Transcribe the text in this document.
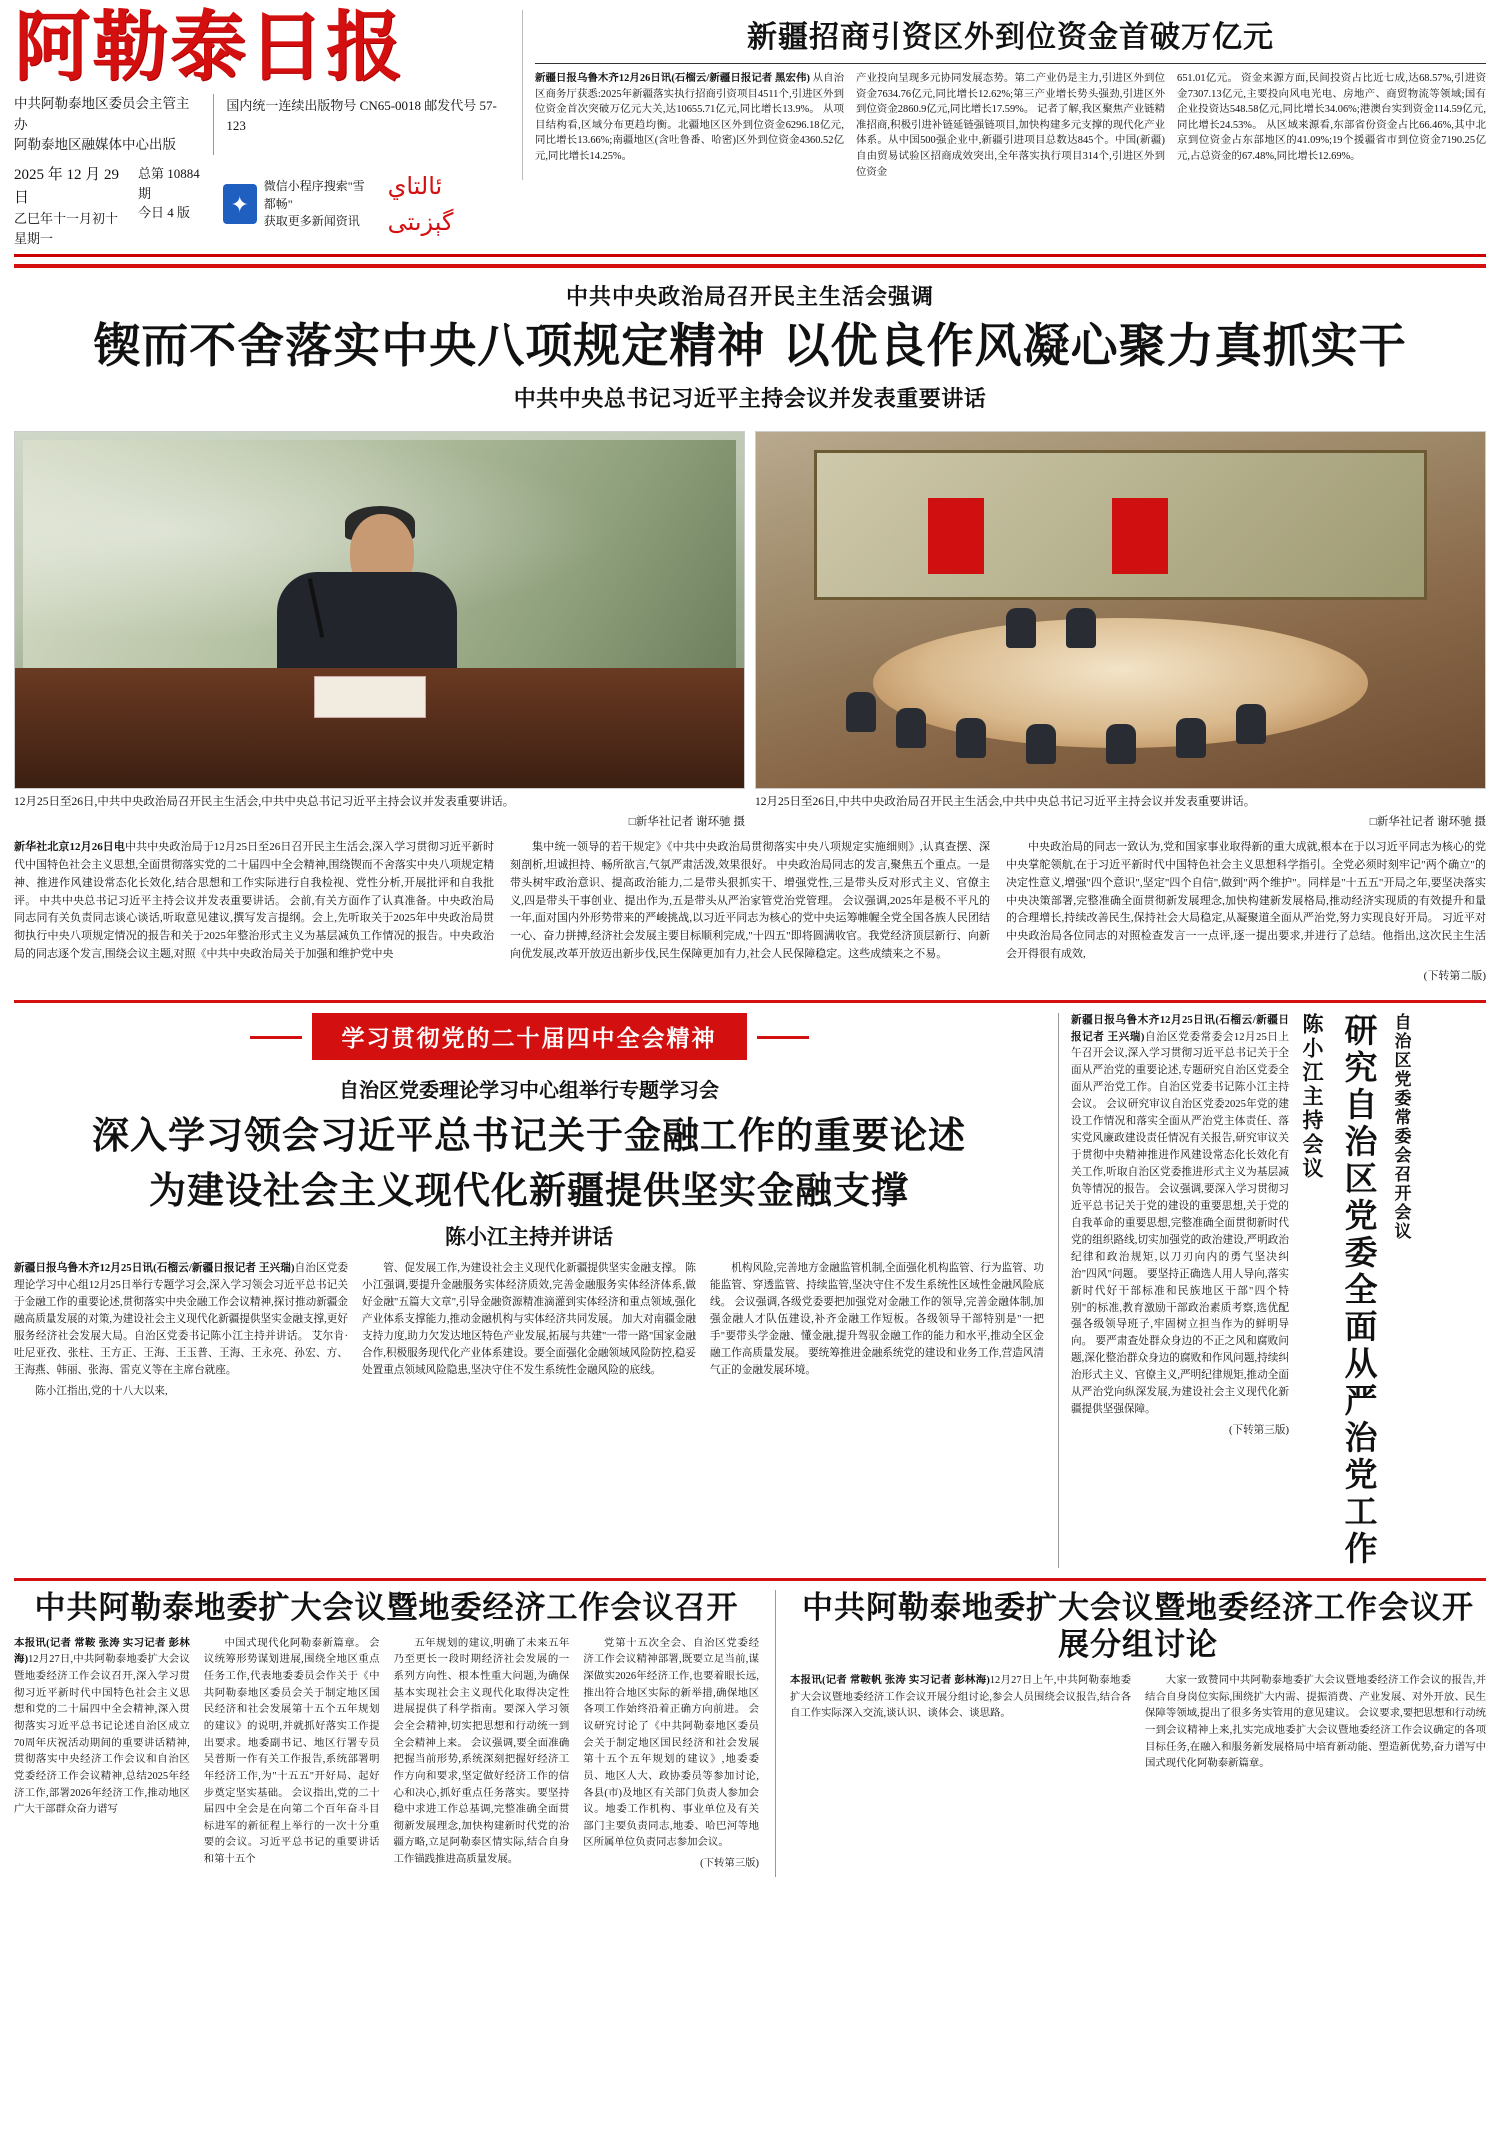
阿勒泰日报
中共阿勒泰地区委员会主管主办
阿勒泰地区融媒体中心出版
国内统一连续出版物号 CN65-0018 邮发代号 57-123
2025 年 12 月 29 日
乙巳年十一月初十
星期一
总第 10884 期
今日 4 版	✦
微信小程序搜索"雪都畅"
获取更多新闻资讯
ئالتاي گېزىتى
新疆招商引资区外到位资金首破万亿元
新疆日报乌鲁木齐12月26日讯(石榴云/新疆日报记者 黑宏伟) 从自治区商务厅获悉:2025年新疆落实执行招商引资项目4511个,引进区外到位资金首次突破万亿元大关,达10655.71亿元,同比增长13.9%。 从项目结构看,区域分布更趋均衡。北疆地区区外到位资金6296.18亿元,同比增长13.66%;南疆地区(含吐鲁番、哈密)区外到位资金4360.52亿元,同比增长14.25%。
产业投向呈现多元协同发展态势。第二产业仍是主力,引进区外到位资金7634.76亿元,同比增长12.62%;第三产业增长势头强劲,引进区外到位资金2860.9亿元,同比增长17.59%。 记者了解,我区聚焦产业链精准招商,积极引进补链延链强链项目,加快构建多元支撑的现代化产业体系。从中国500强企业中,新疆引进项目总数达845个。中国(新疆)自由贸易试验区招商成效突出,全年落实执行项目314个,引进区外到位资金
651.01亿元。 资金来源方面,民间投资占比近七成,达68.57%,引进资金7307.13亿元,主要投向风电光电、房地产、商贸物流等领域;国有企业投资达548.58亿元,同比增长34.06%;港澳台实到资金114.59亿元,同比增长24.53%。 从区域来源看,东部省份资金占比66.46%,其中北京到位资金占东部地区的41.09%;19个援疆省市到位资金7190.25亿元,占总资金的67.48%,同比增长12.69%。
中共中央政治局召开民主生活会强调
锲而不舍落实中央八项规定精神 以优良作风凝心聚力真抓实干
中共中央总书记习近平主持会议并发表重要讲话
12月25日至26日,中共中央政治局召开民主生活会,中共中央总书记习近平主持会议并发表重要讲话。
□新华社记者 谢环驰 摄
12月25日至26日,中共中央政治局召开民主生活会,中共中央总书记习近平主持会议并发表重要讲话。
□新华社记者 谢环驰 摄

新华社北京12月26日电中共中央政治局于12月25日至26日召开民主生活会,深入学习贯彻习近平新时代中国特色社会主义思想,全面贯彻落实党的二十届四中全会精神,围绕锲而不舍落实中央八项规定精神、推进作风建设常态化长效化,结合思想和工作实际进行自我检视、党性分析,开展批评和自我批评。 中共中央总书记习近平主持会议并发表重要讲话。 会前,有关方面作了认真准备。中央政治局同志同有关负责同志谈心谈话,听取意见建议,撰写发言提纲。会上,先听取关于2025年中央政治局贯彻执行中央八项规定情况的报告和关于2025年整治形式主义为基层减负工作情况的报告。中央政治局的同志逐个发言,围绕会议主题,对照《中共中央政治局关于加强和维护党中央

集中统一领导的若干规定》《中共中央政治局贯彻落实中央八项规定实施细则》,认真查摆、深刻剖析,坦诚担持、畅所欲言,气氛严肃活泼,效果很好。 中央政治局同志的发言,聚焦五个重点。一是带头树牢政治意识、提高政治能力,二是带头狠抓实干、增强党性,三是带头反对形式主义、官僚主义,四是带头干事创业、提出作为,五是带头从严治家管党治党管理。 会议强调,2025年是极不平凡的一年,面对国内外形势带来的严峻挑战,以习近平同志为核心的党中央运筹帷幄全党全国各族人民团结一心、奋力拼搏,经济社会发展主要目标顺利完成,"十四五"即将圆满收官。我党经济顶层新行、向新向优发展,改革开放迈出新步伐,民生保障更加有力,社会人民保障稳定。这些成绩来之不易。

中央政治局的同志一致认为,党和国家事业取得新的重大成就,根本在于以习近平同志为核心的党中央掌舵领航,在于习近平新时代中国特色社会主义思想科学指引。全党必须时刻牢记"两个确立"的决定性意义,增强"四个意识",坚定"四个自信",做到"两个维护"。同样是"十五五"开局之年,要坚决落实中央决策部署,完整准确全面贯彻新发展理念,加快构建新发展格局,推动经济实现质的有效提升和量的合理增长,持续改善民生,保持社会大局稳定,从凝聚道全面从严治党,努力实现良好开局。 习近平对中央政治局各位同志的对照检查发言一一点评,逐一提出要求,并进行了总结。他指出,这次民主生活会开得很有成效,

(下转第二版)

学习贯彻党的二十届四中全会精神
自治区党委理论学习中心组举行专题学习会
深入学习领会习近平总书记关于金融工作的重要论述
为建设社会主义现代化新疆提供坚实金融支撑
陈小江主持并讲话

新疆日报乌鲁木齐12月25日讯(石榴云/新疆日报记者 王兴瑞)自治区党委理论学习中心组12月25日举行专题学习会,深入学习领会习近平总书记关于金融工作的重要论述,贯彻落实中央金融工作会议精神,探讨推动新疆金融高质量发展的对策,为建设社会主义现代化新疆提供坚实金融支撑,更好服务经济社会发展大局。自治区党委书记陈小江主持并讲话。 艾尔肯·吐尼亚孜、张柱、王方正、王海、王玉普、王海、王永亮、孙宏、方、王海燕、韩丽、张海、雷克义等在主席台就座。

陈小江指出,党的十八大以来,

管、促发展工作,为建设社会主义现代化新疆提供坚实金融支撑。 陈小江强调,要提升金融服务实体经济质效,完善金融服务实体经济体系,做好金融"五篇大文章",引导金融资源精准滴灌到实体经济和重点领域,强化产业体系支撑能力,推动金融机构与实体经济共同发展。 加大对南疆金融支持力度,助力欠发达地区特色产业发展,拓展与共建"一带一路"国家金融合作,积极服务现代化产业体系建设。要全面强化金融领域风险防控,稳妥处置重点领域风险隐患,坚决守住不发生系统性金融风险的底线。

机构风险,完善地方金融监管机制,全面强化机构监管、行为监管、功能监管、穿透监管、持续监管,坚决守住不发生系统性区域性金融风险底线。 会议强调,各级党委要把加强党对金融工作的领导,完善金融体制,加强金融人才队伍建设,补齐金融工作短板。各级领导干部特别是"一把手"要带头学金融、懂金融,提升驾驭金融工作的能力和水平,推动全区金融工作高质量发展。 要统筹推进金融系统党的建设和业务工作,营造风清气正的金融发展环境。

新疆日报乌鲁木齐12月25日讯(石榴云/新疆日报记者 王兴瑞)自治区党委常委会12月25日上午召开会议,深入学习贯彻习近平总书记关于全面从严治党的重要论述,专题研究自治区党委全面从严治党工作。自治区党委书记陈小江主持会议。 会议研究审议自治区党委2025年党的建设工作情况和落实全面从严治党主体责任、落实党风廉政建设责任情况有关报告,研究审议关于贯彻中央精神推进作风建设常态化长效化有关工作,听取自治区党委推进形式主义为基层减负等情况的报告。 会议强调,要深入学习贯彻习近平总书记关于党的建设的重要思想,关于党的自我革命的重要思想,完整准确全面贯彻新时代党的组织路线,切实加强党的政治建设,严明政治纪律和政治规矩,以刀刃向内的勇气坚决纠治"四风"问题。 要坚持正确选人用人导向,落实新时代好干部标准和民族地区干部"四个特别"的标准,教育激励干部政治素质考察,选优配强各级领导班子,牢固树立担当作为的鲜明导向。 要严肃查处群众身边的不正之风和腐败问题,深化整治群众身边的腐败和作风问题,持续纠治形式主义、官僚主义,严明纪律规矩,推动全面从严治党向纵深发展,为建设社会主义现代化新疆提供坚强保障。

(下转第三版)

陈小江主持会议 研究自治区党委全面从严治党工作 自治区党委常委会召开会议
中共阿勒泰地委扩大会议暨地委经济工作会议召开

本报讯(记者 常鞍 张涛 实习记者 彭林海)12月27日,中共阿勒泰地委扩大会议暨地委经济工作会议召开,深入学习贯彻习近平新时代中国特色社会主义思想和党的二十届四中全会精神,深入贯彻落实习近平总书记论述自治区成立70周年庆祝活动期间的重要讲话精神,贯彻落实中央经济工作会议和自治区党委经济工作会议精神,总结2025年经济工作,部署2026年经济工作,推动地区广大干部群众奋力谱写

中国式现代化阿勒泰新篇章。 会议统筹形势谋划进展,围绕全地区重点任务工作,代表地委委员会作关于《中共阿勒泰地区委员会关于制定地区国民经济和社会发展第十五个五年规划的建议》的说明,并就抓好落实工作提出要求。地委副书记、地区行署专员吴普斯一作有关工作报告,系统部署明年经济工作,为"十五五"开好局、起好步奠定坚实基础。 会议指出,党的二十届四中全会是在向第二个百年奋斗目标进军的新征程上举行的一次十分重要的会议。习近平总书记的重要讲话和第十五个

五年规划的建议,明确了未来五年乃至更长一段时期经济社会发展的一系列方向性、根本性重大问题,为确保基本实现社会主义现代化取得决定性进展提供了科学指南。要深入学习领会全会精神,切实把思想和行动统一到全会精神上来。 会议强调,要全面准确把握当前形势,系统深刻把握好经济工作方向和要求,坚定做好经济工作的信心和决心,抓好重点任务落实。要坚持稳中求进工作总基调,完整准确全面贯彻新发展理念,加快构建新时代党的治疆方略,立足阿勒泰区情实际,结合自身工作锚践推进高质量发展。

党第十五次全会、自治区党委经济工作会议精神部署,既要立足当前,谋深做实2026年经济工作,也要着眼长远,推出符合地区实际的新举措,确保地区各项工作始终沿着正确方向前进。 会议研究讨论了《中共阿勒泰地区委员会关于制定地区国民经济和社会发展第十五个五年规划的建议》,地委委员、地区人大、政协委员等参加讨论,各县(市)及地区有关部门负责人参加会议。地委工作机构、事业单位及有关部门主要负责同志,地委、哈巴河等地区所属单位负责同志参加会议。

(下转第三版)

中共阿勒泰地委扩大会议暨地委经济工作会议开展分组讨论

本报讯(记者 常鞍帆 张涛 实习记者 彭林海)12月27日上午,中共阿勒泰地委扩大会议暨地委经济工作会议开展分组讨论,参会人员围绕会议报告,结合各自工作实际深入交流,谈认识、谈体会、谈思路。

大家一致赞同中共阿勒泰地委扩大会议暨地委经济工作会议的报告,并结合自身岗位实际,围绕扩大内需、提振消费、产业发展、对外开放、民生保障等领域,提出了很多务实管用的意见建议。 会议要求,要把思想和行动统一到会议精神上来,扎实完成地委扩大会议暨地委经济工作会议确定的各项目标任务,在融入和服务新发展格局中培育新动能、塑造新优势,奋力谱写中国式现代化阿勒泰新篇章。
